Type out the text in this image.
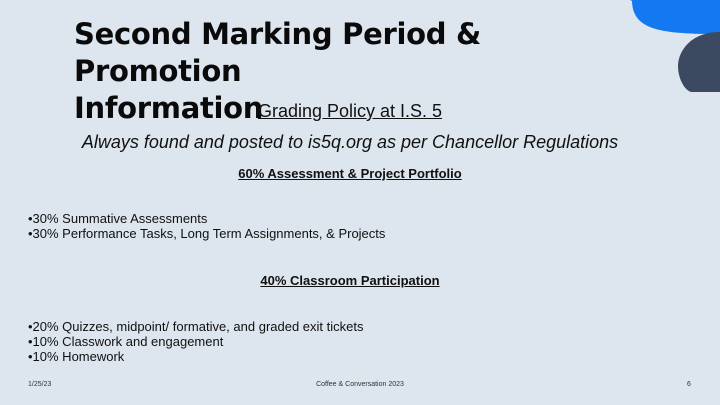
Second Marking Period & Promotion
Information
Grading Policy at I.S. 5
Always found and posted to is5q.org as per Chancellor Regulations
60% Assessment & Project Portfolio
•30% Summative Assessments
•30% Performance Tasks, Long Term Assignments, & Projects
40% Classroom Participation
•20% Quizzes, midpoint/ formative, and graded exit tickets
•10% Classwork and engagement
•10% Homework
1/25/23	Coffee & Conversation 2023	6
